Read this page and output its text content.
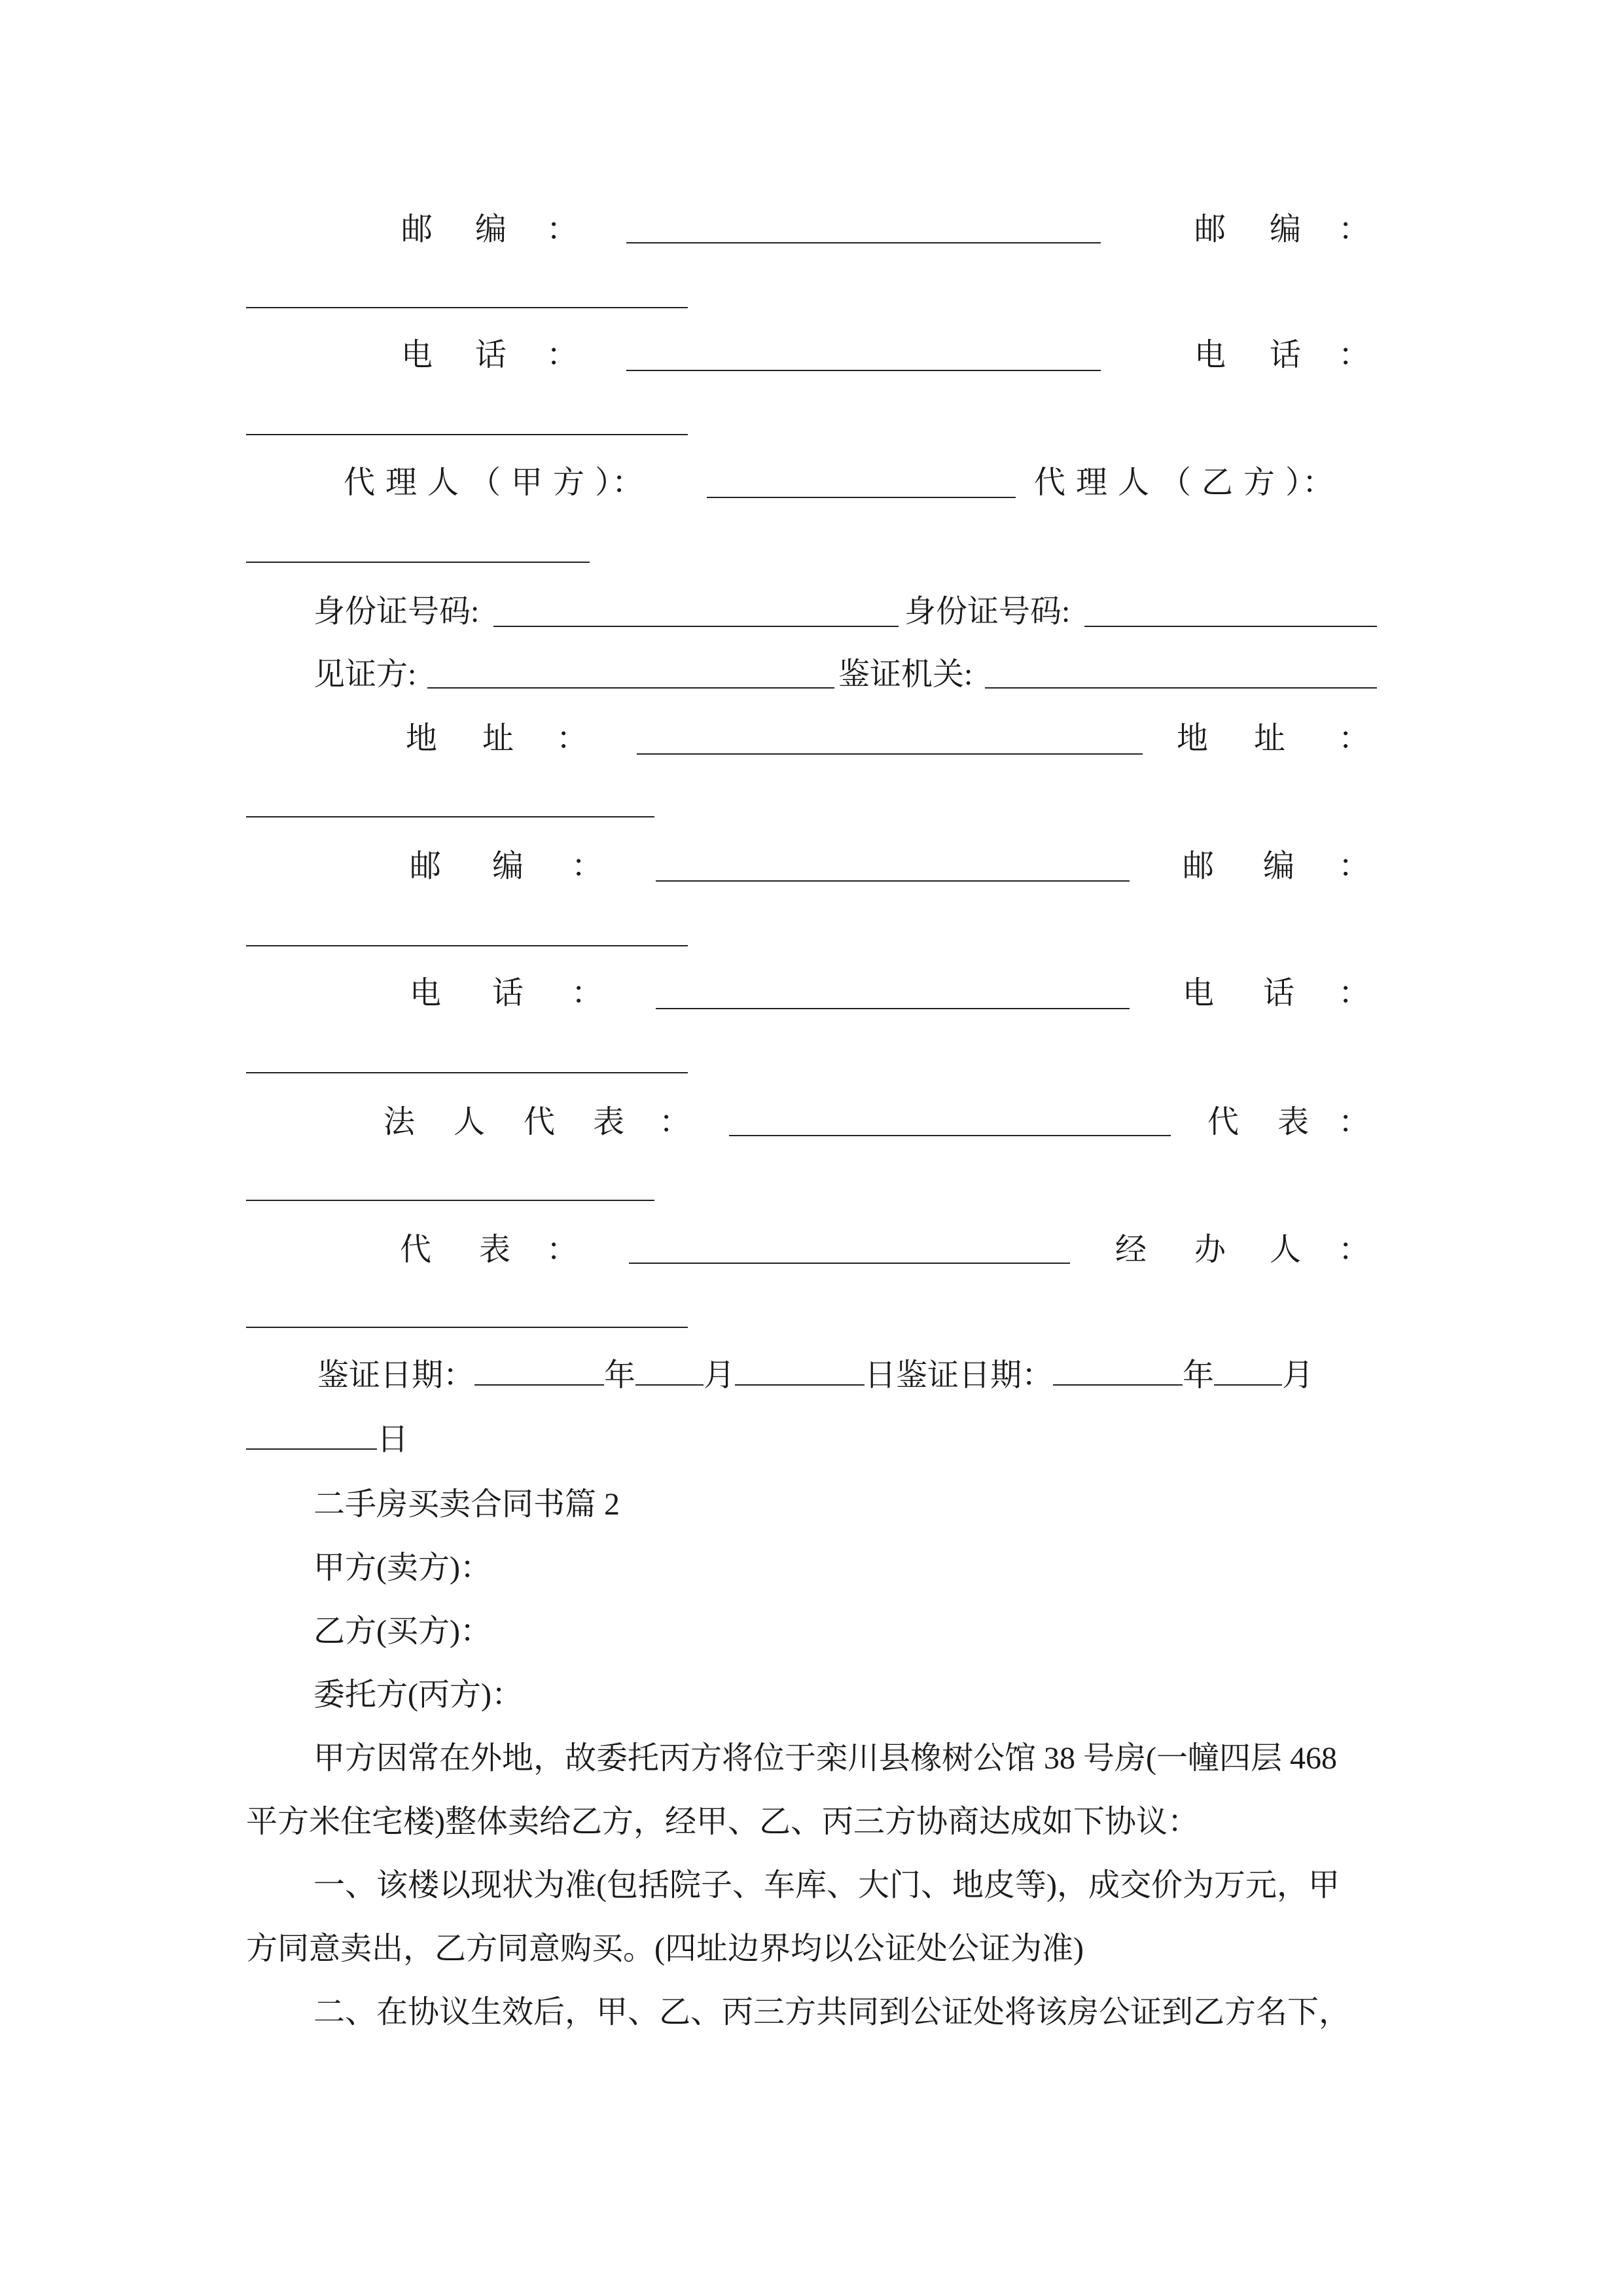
邮 编 ：	邮 编 ：
电 话 ：	电 话 ：
代 理 人 （ 甲 方 ）：	代 理 人 （ 乙 方 ）：
身份证号码:	身份证号码:
见证方:	鉴证机关:
地 址 ：	地 址 ：
邮 编 ：	邮 编 ：
电 话 ：	电 话 ：
法 人 代 表 ：	代 表 ：
代 表 ：	经 办 人 ：
鉴证日期：	年 月	日鉴证日期：	年 月
日
二手房买卖合同书篇 2
甲方(卖方)：
乙方(买方)：
委托方(丙方)：
甲方因常在外地，故委托丙方将位于栾川县橡树公馆 38 号房(一幢四层 468
平方米住宅楼)整体卖给乙方，经甲、乙、丙三方协商达成如下协议：
一、该楼以现状为准(包括院子、车库、大门、地皮等)，成交价为万元，甲
方同意卖出，乙方同意购买。(四址边界均以公证处公证为准)
二、在协议生效后，甲、乙、丙三方共同到公证处将该房公证到乙方名下，
